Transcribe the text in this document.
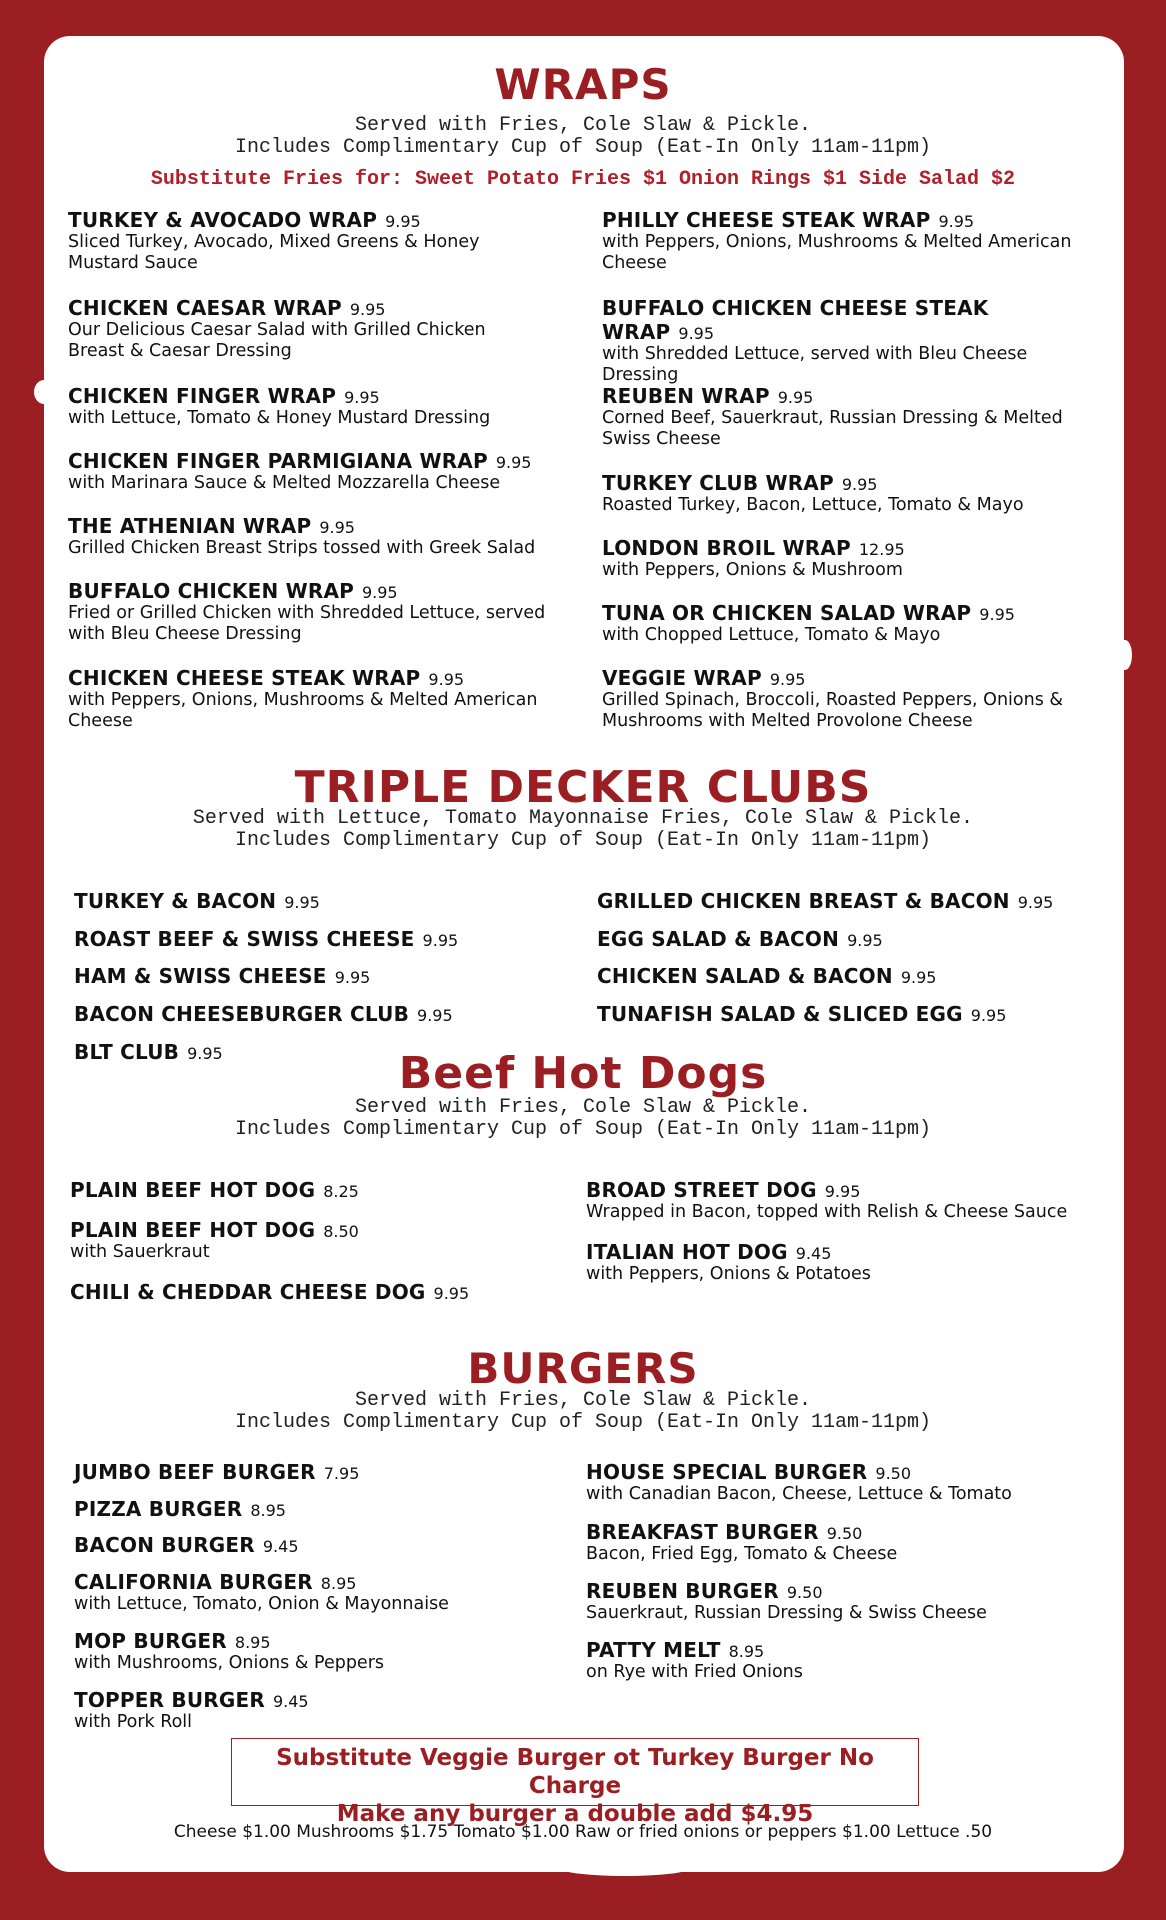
WRAPS
Served with Fries, Cole Slaw & Pickle.
Includes Complimentary Cup of Soup (Eat-In Only 11am-11pm)
Substitute Fries for: Sweet Potato Fries $1 Onion Rings $1 Side Salad $2
TURKEY & AVOCADO WRAP 9.95
Sliced Turkey, Avocado, Mixed Greens & Honey
Mustard Sauce
CHICKEN CAESAR WRAP 9.95
Our Delicious Caesar Salad with Grilled Chicken
Breast & Caesar Dressing
CHICKEN FINGER WRAP 9.95
with Lettuce, Tomato & Honey Mustard Dressing
CHICKEN FINGER PARMIGIANA WRAP 9.95
with Marinara Sauce & Melted Mozzarella Cheese
THE ATHENIAN WRAP 9.95
Grilled Chicken Breast Strips tossed with Greek Salad
BUFFALO CHICKEN WRAP 9.95
Fried or Grilled Chicken with Shredded Lettuce, served
with Bleu Cheese Dressing
CHICKEN CHEESE STEAK WRAP 9.95
with Peppers, Onions, Mushrooms & Melted American
Cheese
PHILLY CHEESE STEAK WRAP 9.95
with Peppers, Onions, Mushrooms & Melted American
Cheese
BUFFALO CHICKEN CHEESE STEAK WRAP 9.95
with Shredded Lettuce, served with Bleu Cheese
Dressing
REUBEN WRAP 9.95
Corned Beef, Sauerkraut, Russian Dressing & Melted
Swiss Cheese
TURKEY CLUB WRAP 9.95
Roasted Turkey, Bacon, Lettuce, Tomato & Mayo
LONDON BROIL WRAP 12.95
with Peppers, Onions & Mushroom
TUNA OR CHICKEN SALAD WRAP 9.95
with Chopped Lettuce, Tomato & Mayo
VEGGIE WRAP 9.95
Grilled Spinach, Broccoli, Roasted Peppers, Onions &
Mushrooms with Melted Provolone Cheese
TRIPLE DECKER CLUBS
Served with Lettuce, Tomato Mayonnaise Fries, Cole Slaw & Pickle.
Includes Complimentary Cup of Soup (Eat-In Only 11am-11pm)
TURKEY & BACON 9.95
ROAST BEEF & SWISS CHEESE 9.95
HAM & SWISS CHEESE 9.95
BACON CHEESEBURGER CLUB 9.95
BLT CLUB 9.95
GRILLED CHICKEN BREAST & BACON 9.95
EGG SALAD & BACON 9.95
CHICKEN SALAD & BACON 9.95
TUNAFISH SALAD & SLICED EGG 9.95
Beef Hot Dogs
Served with Fries, Cole Slaw & Pickle.
Includes Complimentary Cup of Soup (Eat-In Only 11am-11pm)
PLAIN BEEF HOT DOG 8.25
PLAIN BEEF HOT DOG 8.50
with Sauerkraut
CHILI & CHEDDAR CHEESE DOG 9.95
BROAD STREET DOG 9.95
Wrapped in Bacon, topped with Relish & Cheese Sauce
ITALIAN HOT DOG 9.45
with Peppers, Onions & Potatoes
BURGERS
Served with Fries, Cole Slaw & Pickle.
Includes Complimentary Cup of Soup (Eat-In Only 11am-11pm)
JUMBO BEEF BURGER 7.95
PIZZA BURGER 8.95
BACON BURGER 9.45
CALIFORNIA BURGER 8.95
with Lettuce, Tomato, Onion & Mayonnaise
MOP BURGER 8.95
with Mushrooms, Onions & Peppers
TOPPER BURGER 9.45
with Pork Roll
HOUSE SPECIAL BURGER 9.50
with Canadian Bacon, Cheese, Lettuce & Tomato
BREAKFAST BURGER 9.50
Bacon, Fried Egg, Tomato & Cheese
REUBEN BURGER 9.50
Sauerkraut, Russian Dressing & Swiss Cheese
PATTY MELT 8.95
on Rye with Fried Onions
Substitute Veggie Burger ot Turkey Burger No Charge
Make any burger a double add $4.95
Cheese $1.00 Mushrooms $1.75 Tomato $1.00 Raw or fried onions or peppers $1.00 Lettuce .50
